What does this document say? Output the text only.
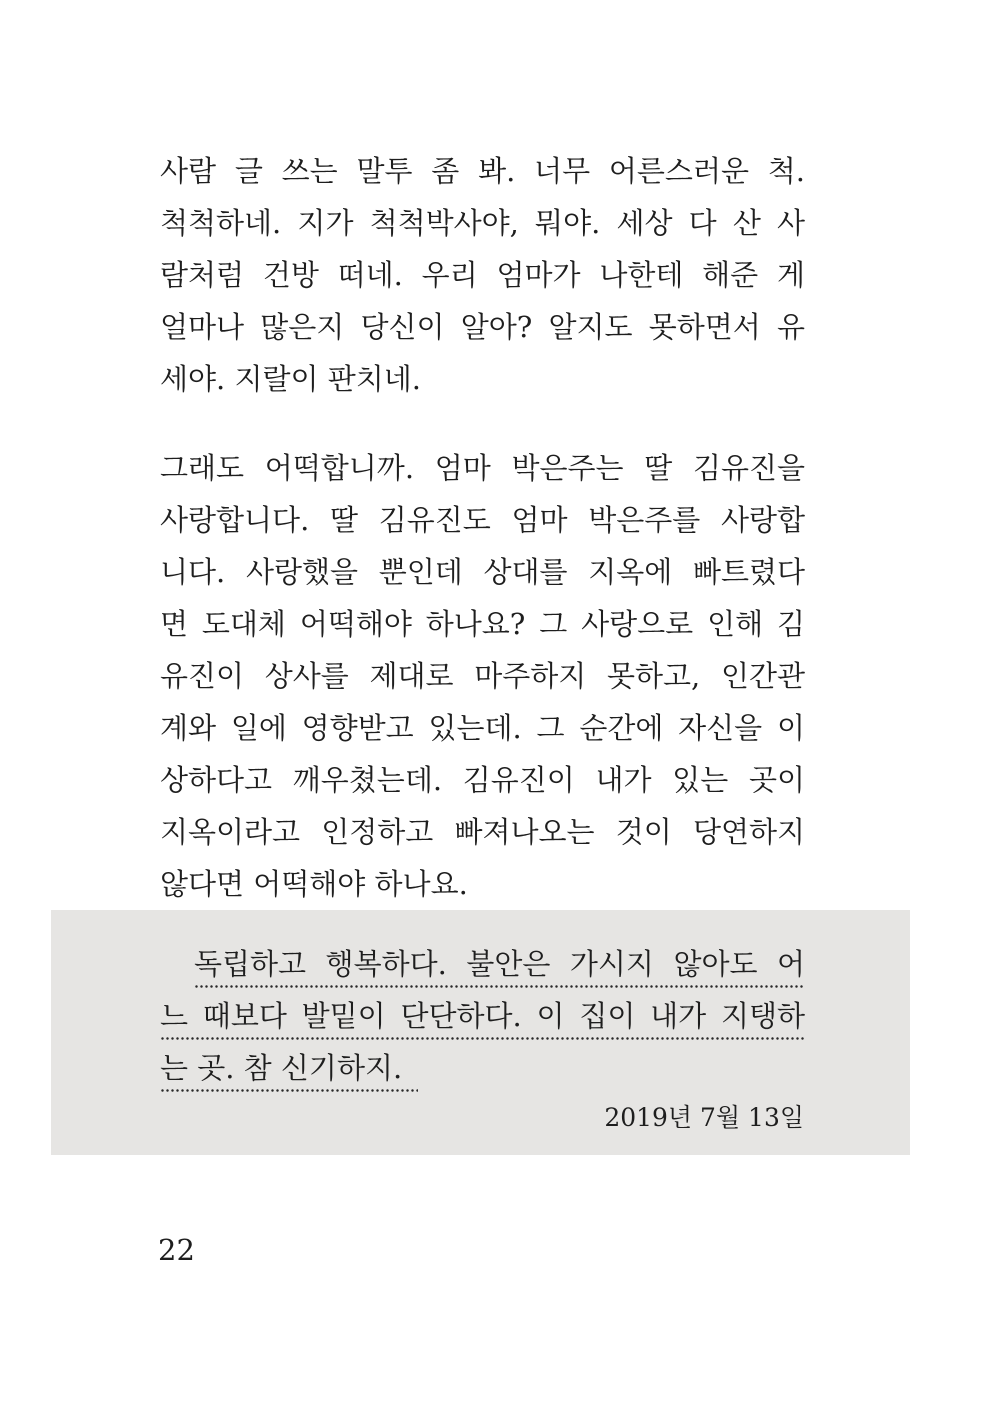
사람 글 쓰는 말투 좀 봐. 너무 어른스러운 척.
척척하네. 지가 척척박사야, 뭐야. 세상 다 산 사
람처럼 건방 떠네. 우리 엄마가 나한테 해준 게
얼마나 많은지 당신이 알아? 알지도 못하면서 유
세야. 지랄이 판치네.
그래도 어떡합니까. 엄마 박은주는 딸 김유진을
사랑합니다. 딸 김유진도 엄마 박은주를 사랑합
니다. 사랑했을 뿐인데 상대를 지옥에 빠트렸다
면 도대체 어떡해야 하나요? 그 사랑으로 인해 김
유진이 상사를 제대로 마주하지 못하고, 인간관
계와 일에 영향받고 있는데. 그 순간에 자신을 이
상하다고 깨우쳤는데. 김유진이 내가 있는 곳이
지옥이라고 인정하고 빠져나오는 것이 당연하지
않다면 어떡해야 하나요.
독립하고 행복하다. 불안은 가시지 않아도 어
느 때보다 발밑이 단단하다. 이 집이 내가 지탱하
는 곳. 참 신기하지.
2019년 7월 13일
22
